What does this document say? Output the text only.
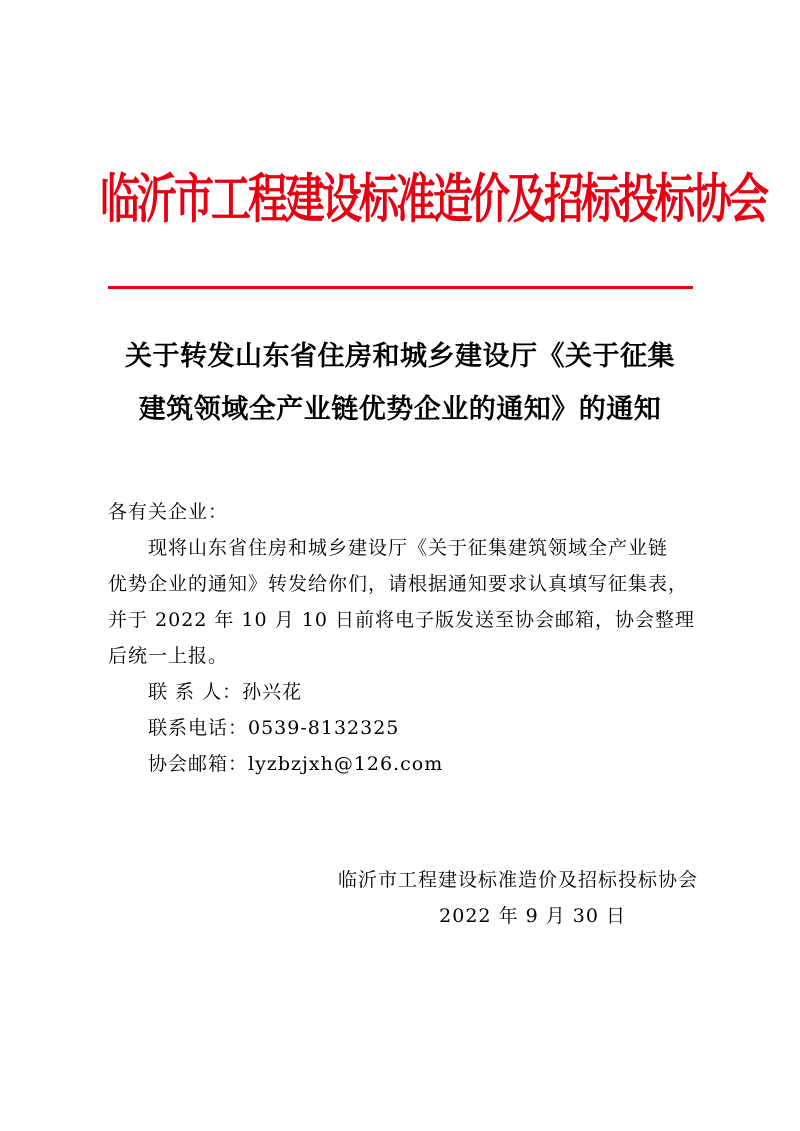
临沂市工程建设标准造价及招标投标协会
关于转发山东省住房和城乡建设厅《关于征集
建筑领域全产业链优势企业的通知》的通知
各有关企业：
现将山东省住房和城乡建设厅《关于征集建筑领域全产业链
优势企业的通知》转发给你们，请根据通知要求认真填写征集表，
并于 2022 年 10 月 10 日前将电子版发送至协会邮箱，协会整理
后统一上报。
联 系 人：孙兴花
联系电话：0539-8132325
协会邮箱：lyzbzjxh@126.com
临沂市工程建设标准造价及招标投标协会
2022 年 9 月 30 日
